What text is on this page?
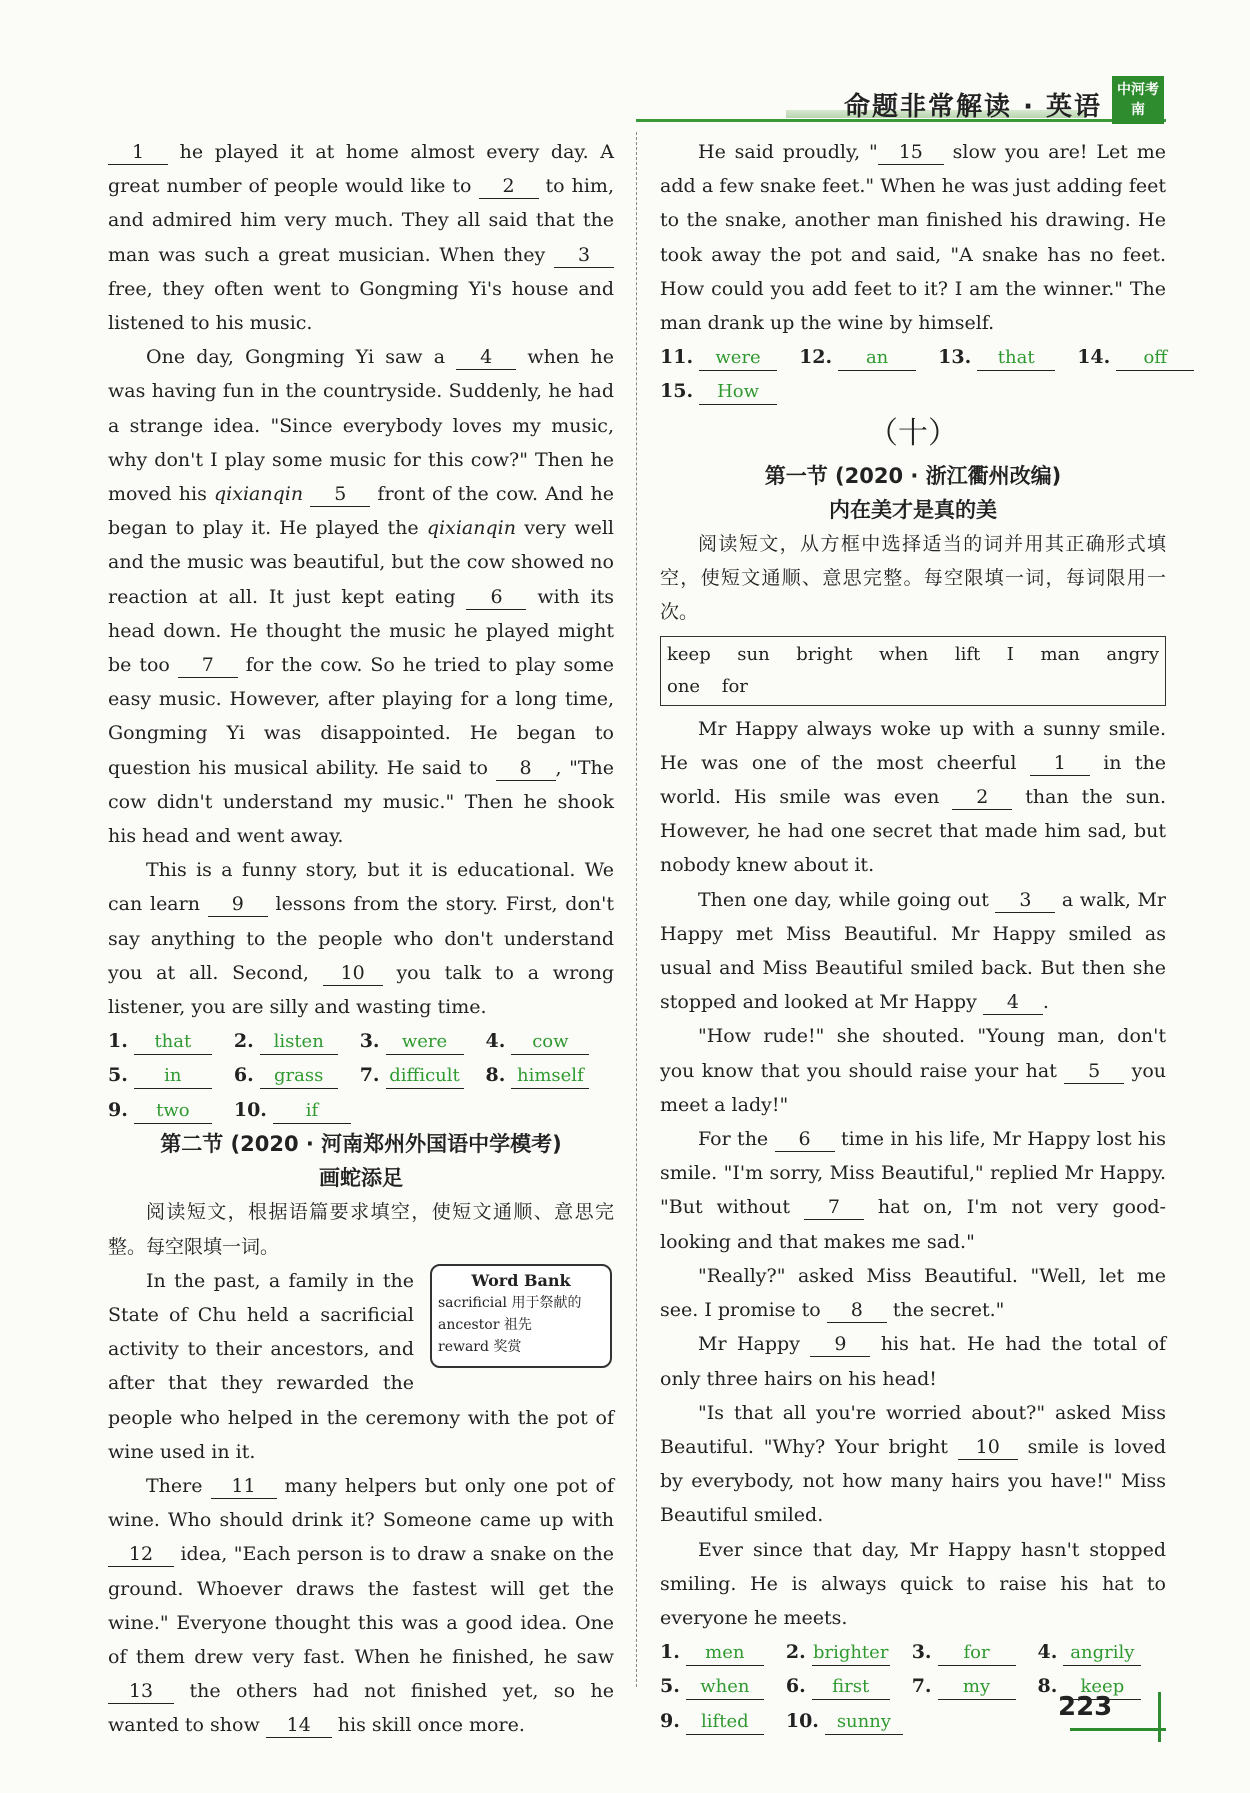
命题非常解读 · 英语
中河考南

1 he played it at home almost every day. A great number of people would like to 2 to him, and admired him very much. They all said that the man was such a great musician. When they 3 free, they often went to Gongming Yi's house and listened to his music.

One day, Gongming Yi saw a 4 when he was having fun in the countryside. Suddenly, he had a strange idea. "Since everybody loves my music, why don't I play some music for this cow?" Then he moved his qixianqin 5 front of the cow. And he began to play it. He played the qixianqin very well and the music was beautiful, but the cow showed no reaction at all. It just kept eating 6 with its head down. He thought the music he played might be too 7 for the cow. So he tried to play some easy music. However, after playing for a long time, Gongming Yi was disappointed. He began to question his musical ability. He said to 8 , "The cow didn't understand my music." Then he shook his head and went away.

This is a funny story, but it is educational. We can learn 9 lessons from the story. First, don't say anything to the people who don't understand you at all. Second, 10 you talk to a wrong listener, you are silly and wasting time.

1.	that	2.	listen	3.	were	4.	cow
5.	in	6.	grass	7. difficult 8. himself
9.	two	10.	if

第二节 (2020 · 河南郑州外国语中学模考)

画蛇添足

阅读短文，根据语篇要求填空，使短文通顺、意思完整。每空限填一词。

Word Bank
sacrificial 用于祭献的
ancestor 祖先
reward 奖赏

In the past, a family in the State of Chu held a sacrificial activity to their ancestors, and after that they rewarded the people who helped in the ceremony with the pot of wine used in it.

There 11 many helpers but only one pot of wine. Who should drink it? Someone came up with 12 idea, "Each person is to draw a snake on the ground. Whoever draws the fastest will get the wine." Everyone thought this was a good idea. One of them drew very fast. When he finished, he saw 13 the others had not finished yet, so he wanted to show 14 his skill once more.

He said proudly, " 15 slow you are! Let me add a few snake feet." When he was just adding feet to the snake, another man finished his drawing. He took away the pot and said, "A snake has no feet. How could you add feet to it? I am the winner." The man drank up the wine by himself.

11.	were	12.	an	13.	that	14.	off
15.	How

（十）

第一节 (2020 · 浙江衢州改编)

内在美才是真的美

阅读短文，从方框中选择适当的词并用其正确形式填空，使短文通顺、意思完整。每空限填一词，每词限用一次。

keep sun bright when lift I man angry one for

Mr Happy always woke up with a sunny smile. He was one of the most cheerful 1 in the world. His smile was even 2 than the sun. However, he had one secret that made him sad, but nobody knew about it.

Then one day, while going out 3 a walk, Mr Happy met Miss Beautiful. Mr Happy smiled as usual and Miss Beautiful smiled back. But then she stopped and looked at Mr Happy 4 .

"How rude!" she shouted. "Young man, don't you know that you should raise your hat 5 you meet a lady!"

For the 6 time in his life, Mr Happy lost his smile. "I'm sorry, Miss Beautiful," replied Mr Happy. "But without 7 hat on, I'm not very good-looking and that makes me sad."

"Really?" asked Miss Beautiful. "Well, let me see. I promise to 8 the secret."

Mr Happy 9 his hat. He had the total of only three hairs on his head!

"Is that all you're worried about?" asked Miss Beautiful. "Why? Your bright 10 smile is loved by everybody, not how many hairs you have!" Miss Beautiful smiled.

Ever since that day, Mr Happy hasn't stopped smiling. He is always quick to raise his hat to everyone he meets.

1.	men	2. brighter 3.	for	4. angrily
5.	when	6.	first	7.	my	8.	keep
9.	lifted	10. sunny	223
